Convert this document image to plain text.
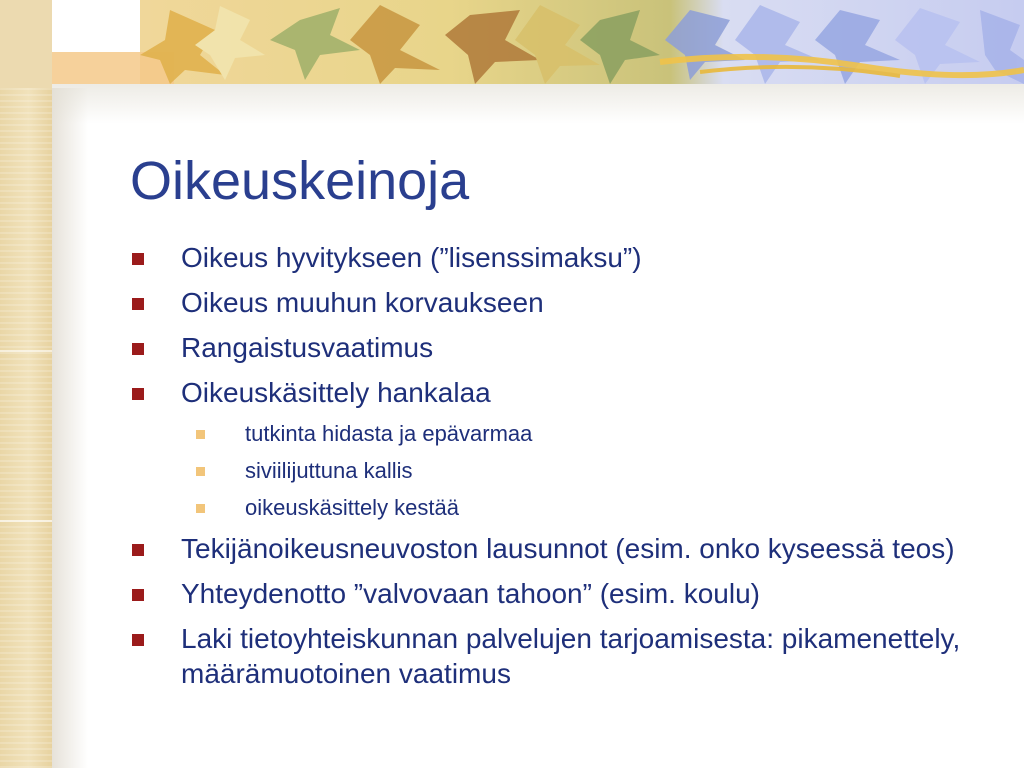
Oikeuskeinoja
Oikeus hyvitykseen (”lisenssimaksu”)
Oikeus muuhun korvaukseen
Rangaistusvaatimus
Oikeuskäsittely hankalaa
tutkinta hidasta ja epävarmaa
siviilijuttuna kallis
oikeuskäsittely kestää
Tekijänoikeusneuvoston lausunnot (esim. onko kyseessä teos)
Yhteydenotto ”valvovaan tahoon” (esim. koulu)
Laki tietoyhteiskunnan palvelujen tarjoamisesta: pikamenettely, määrämuotoinen vaatimus
